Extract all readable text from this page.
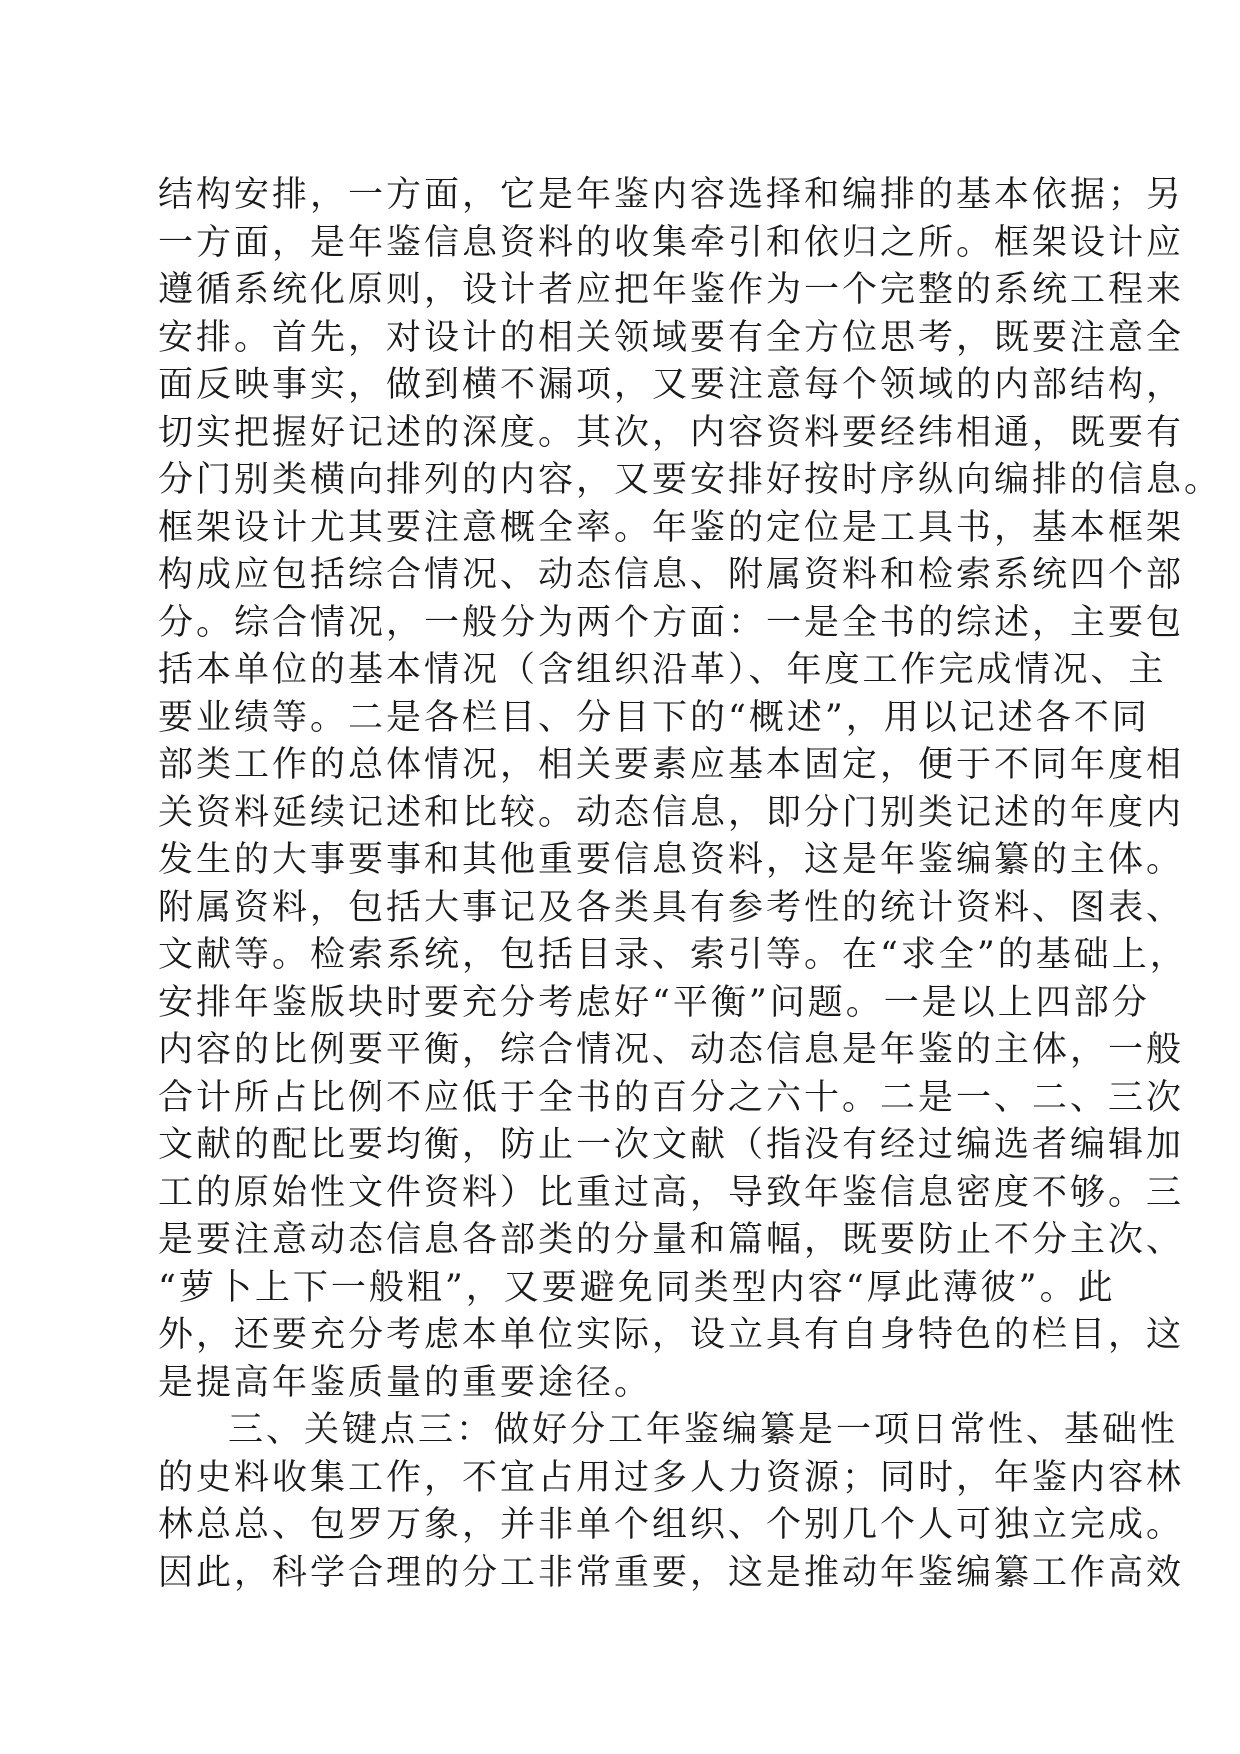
结构安排，一方面，它是年鉴内容选择和编排的基本依据；另
一方面，是年鉴信息资料的收集牵引和依归之所。框架设计应
遵循系统化原则，设计者应把年鉴作为一个完整的系统工程来
安排。首先，对设计的相关领域要有全方位思考，既要注意全
面反映事实，做到横不漏项，又要注意每个领域的内部结构，
切实把握好记述的深度。其次，内容资料要经纬相通，既要有
分门别类横向排列的内容，又要安排好按时序纵向编排的信息。
框架设计尤其要注意概全率。年鉴的定位是工具书，基本框架
构成应包括综合情况、动态信息、附属资料和检索系统四个部
分。综合情况，一般分为两个方面：一是全书的综述，主要包
括本单位的基本情况（含组织沿革）、年度工作完成情况、主
要业绩等。二是各栏目、分目下的“概述”，用以记述各不同
部类工作的总体情况，相关要素应基本固定，便于不同年度相
关资料延续记述和比较。动态信息，即分门别类记述的年度内
发生的大事要事和其他重要信息资料，这是年鉴编纂的主体。
附属资料，包括大事记及各类具有参考性的统计资料、图表、
文献等。检索系统，包括目录、索引等。在“求全”的基础上，
安排年鉴版块时要充分考虑好“平衡”问题。一是以上四部分
内容的比例要平衡，综合情况、动态信息是年鉴的主体，一般
合计所占比例不应低于全书的百分之六十。二是一、二、三次
文献的配比要均衡，防止一次文献（指没有经过编选者编辑加
工的原始性文件资料）比重过高，导致年鉴信息密度不够。三
是要注意动态信息各部类的分量和篇幅，既要防止不分主次、
“萝卜上下一般粗”，又要避免同类型内容“厚此薄彼”。此
外，还要充分考虑本单位实际，设立具有自身特色的栏目，这
是提高年鉴质量的重要途径。
三、关键点三：做好分工年鉴编纂是一项日常性、基础性
的史料收集工作，不宜占用过多人力资源；同时，年鉴内容林
林总总、包罗万象，并非单个组织、个别几个人可独立完成。
因此，科学合理的分工非常重要，这是推动年鉴编纂工作高效
